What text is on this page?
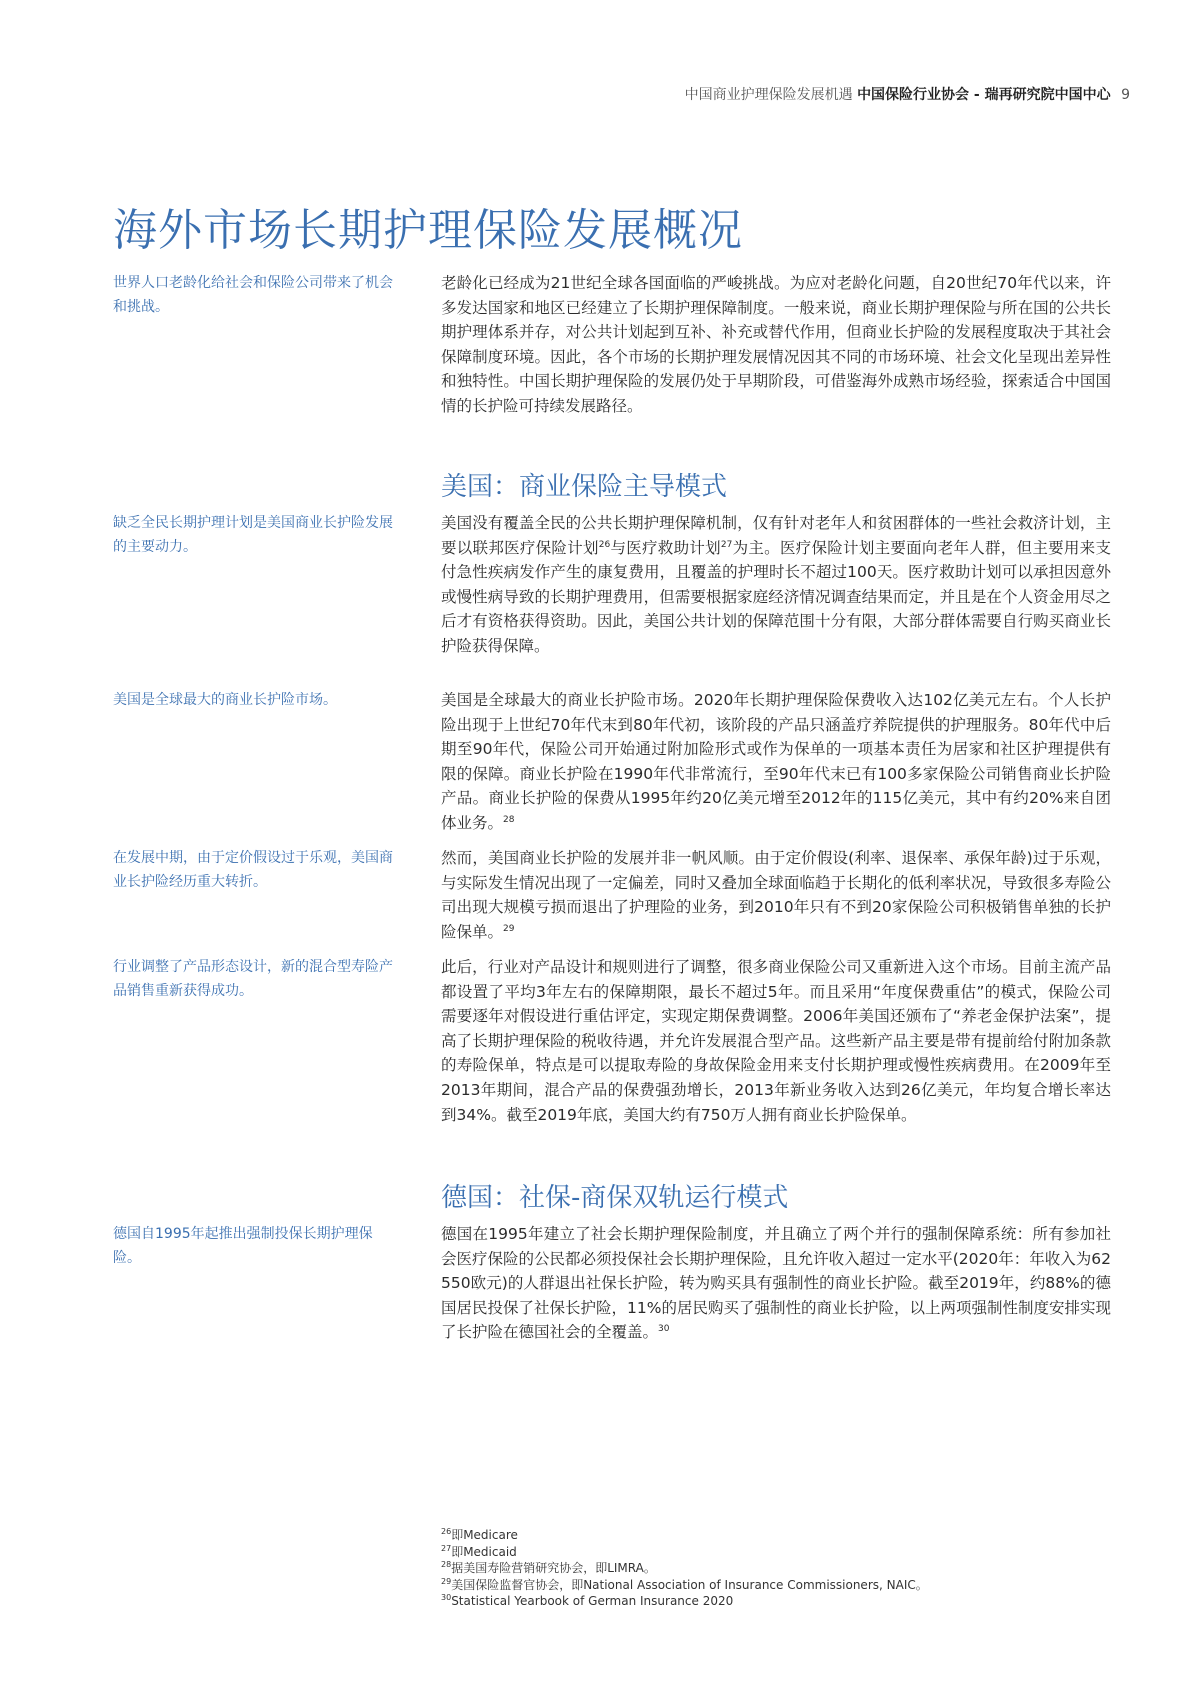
中国商业护理保险发展机遇 中国保险行业协会 - 瑞再研究院中国中心 9
海外市场长期护理保险发展概况

世界人口老龄化给社会和保险公司带来了机会和挑战。

老龄化已经成为21世纪全球各国面临的严峻挑战。为应对老龄化问题，自20世纪70年代以来，许多发达国家和地区已经建立了长期护理保障制度。一般来说，商业长期护理保险与所在国的公共长期护理体系并存，对公共计划起到互补、补充或替代作用，但商业长护险的发展程度取决于其社会保障制度环境。因此，各个市场的长期护理发展情况因其不同的市场环境、社会文化呈现出差异性和独特性。中国长期护理保险的发展仍处于早期阶段，可借鉴海外成熟市场经验，探索适合中国国情的长护险可持续发展路径。

美国：商业保险主导模式

缺乏全民长期护理计划是美国商业长护险发展的主要动力。

美国没有覆盖全民的公共长期护理保障机制，仅有针对老年人和贫困群体的一些社会救济计划，主要以联邦医疗保险计划$^{26}$与医疗救助计划$^{27}$为主。医疗保险计划主要面向老年人群，但主要用来支付急性疾病发作产生的康复费用，且覆盖的护理时长不超过100天。医疗救助计划可以承担因意外或慢性病导致的长期护理费用，但需要根据家庭经济情况调查结果而定，并且是在个人资金用尽之后才有资格获得资助。因此，美国公共计划的保障范围十分有限，大部分群体需要自行购买商业长护险获得保障。

美国是全球最大的商业长护险市场。	美国是全球最大的商业长护险市场。2020年长期护理保险保费收入达102亿美元左右。个人长护险出现于上世纪70年代末到80年代初，该阶段的产品只涵盖疗养院提供的护理服务。80年代中后期至90年代，保险公司开始通过附加险形式或作为保单的一项基本责任为居家和社区护理提供有限的保障。商业长护险在1990年代非常流行，至90年代末已有100多家保险公司销售商业长护险产品。商业长护险的保费从1995年约20亿美元增至2012年的115亿美元，其中有约20%来自团体业务。$^{28}$

在发展中期，由于定价假设过于乐观，美国商业长护险经历重大转折。

然而，美国商业长护险的发展并非一帆风顺。由于定价假设(利率、退保率、承保年龄)过于乐观，与实际发生情况出现了一定偏差，同时又叠加全球面临趋于长期化的低利率状况，导致很多寿险公司出现大规模亏损而退出了护理险的业务，到2010年只有不到20家保险公司积极销售单独的长护险保单。$^{29}$

行业调整了产品形态设计，新的混合型寿险产品销售重新获得成功。

此后，行业对产品设计和规则进行了调整，很多商业保险公司又重新进入这个市场。目前主流产品都设置了平均3年左右的保障期限，最长不超过5年。而且采用“年度保费重估”的模式，保险公司需要逐年对假设进行重估评定，实现定期保费调整。2006年美国还颁布了“养老金保护法案”，提高了长期护理保险的税收待遇，并允许发展混合型产品。这些新产品主要是带有提前给付附加条款的寿险保单，特点是可以提取寿险的身故保险金用来支付长期护理或慢性疾病费用。在2009年至2013年期间，混合产品的保费强劲增长，2013年新业务收入达到26亿美元，年均复合增长率达到34%。截至2019年底，美国大约有750万人拥有商业长护险保单。

德国：社保-商保双轨运行模式

德国自1995年起推出强制投保长期护理保险。

德国在1995年建立了社会长期护理保险制度，并且确立了两个并行的强制保障系统：所有参加社会医疗保险的公民都必须投保社会长期护理保险，且允许收入超过一定水平(2020年：年收入为62 550欧元)的人群退出社保长护险，转为购买具有强制性的商业长护险。截至2019年，约88%的德国居民投保了社保长护险，11%的居民购买了强制性的商业长护险，以上两项强制性制度安排实现了长护险在德国社会的全覆盖。$^{30}$

$^{26}$即Medicare
$^{27}$即Medicaid
$^{28}$据美国寿险营销研究协会，即LIMRA。
$^{29}$美国保险监督官协会，即National Association of Insurance Commissioners, NAIC。
$^{30}$Statistical Yearbook of German Insurance 2020
